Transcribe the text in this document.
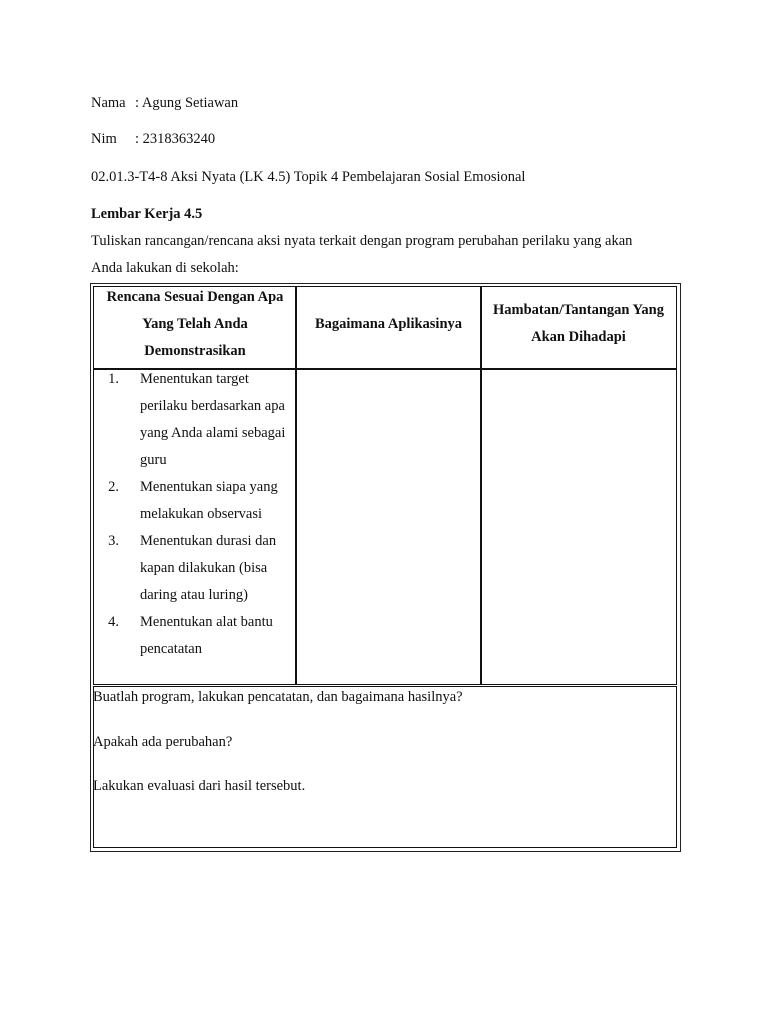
Nama : Agung Setiawan
Nim : 2318363240
02.01.3-T4-8 Aksi Nyata (LK 4.5) Topik 4 Pembelajaran Sosial Emosional
Lembar Kerja 4.5
Tuliskan rancangan/rencana aksi nyata terkait dengan program perubahan perilaku yang akan
Anda lakukan di sekolah:
Rencana Sesuai Dengan Apa
Yang Telah Anda
Demonstrasikan
Bagaimana Aplikasinya
Hambatan/Tantangan Yang
Akan Dihadapi
1. Menentukan target
perilaku berdasarkan apa
yang Anda alami sebagai
guru
2. Menentukan siapa yang
melakukan observasi
3. Menentukan durasi dan
kapan dilakukan (bisa
daring atau luring)
4. Menentukan alat bantu
pencatatan
Buatlah program, lakukan pencatatan, dan bagaimana hasilnya?
Apakah ada perubahan?
Lakukan evaluasi dari hasil tersebut.
